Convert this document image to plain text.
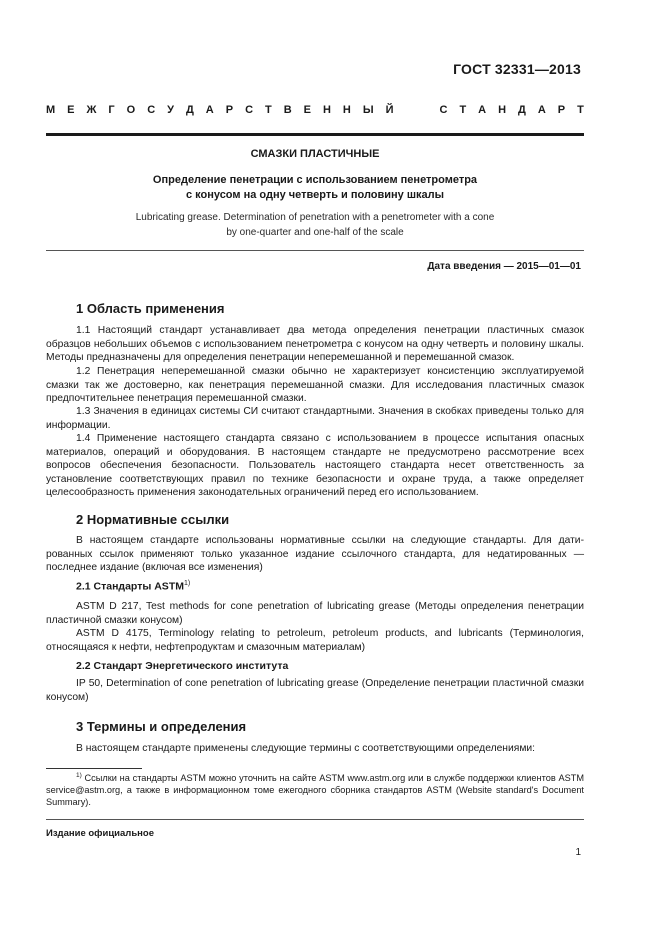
ГОСТ 32331—2013
М Е Ж Г О С У Д А Р С Т В Е Н Н Ы Й	С Т А Н Д А Р Т
СМАЗКИ ПЛАСТИЧНЫЕ
Определение пенетрации с использованием пенетрометра
с конусом на одну четверть и половину шкалы
Lubricating grease. Determination of penetration with a penetrometer with a cone
by one-quarter and one-half of the scale
Дата введения — 2015—01—01
1 Область применения

1.1 Настоящий стандарт устанавливает два метода определения пенетрации пластичных смазок образцов небольших объемов с использованием пенетрометра с конусом на одну четверть и половину шкалы. Методы предназначены для определения пенетрации неперемешанной и перемешанной смазок.

1.2 Пенетрация неперемешанной смазки обычно не характеризует консистенцию эксплуатируемой смазки так же достоверно, как пенетрация перемешанной смазки. Для исследования пластичных смазок предпочтительнее пенетрация перемешанной смазки.

1.3 Значения в единицах системы СИ считают стандартными. Значения в скобках приведены только для информации.

1.4 Применение настоящего стандарта связано с использованием в процессе испытания опасных материалов, операций и оборудования. В настоящем стандарте не предусмотрено рассмотрение всех вопросов обеспечения безопасности. Пользователь настоящего стандарта несет ответственность за установление соответствующих правил по технике безопасности и охране труда, а также определяет целесообразность применения законодательных ограничений перед его использованием.

2 Нормативные ссылки

В настоящем стандарте использованы нормативные ссылки на следующие стандарты. Для датированных ссылок применяют только указанное издание ссылочного стандарта, для недатированных — последнее издание (включая все изменения)

2.1 Стандарты ASTM$^{1)}$

ASTM D 217, Test methods for cone penetration of lubricating grease (Методы определения пенетрации пластичной смазки конусом)

ASTM D 4175, Terminology relating to petroleum, petroleum products, and lubricants (Терминология, относящаяся к нефти, нефтепродуктам и смазочным материалам)

2.2 Стандарт Энергетического института

IP 50, Determination of cone penetration of lubricating grease (Определение пенетрации пластичной смазки конусом)

3 Термины и определения

В настоящем стандарте применены следующие термины с соответствующими определениями:

$^{1)}$ Ссылки на стандарты ASTM можно уточнить на сайте ASTM www.astm.org или в службе поддержки клиентов ASTM service@astm.org, а также в информационном томе ежегодного сборника стандартов ASTM (Website standard's Document Summary).

Издание официальное
1
